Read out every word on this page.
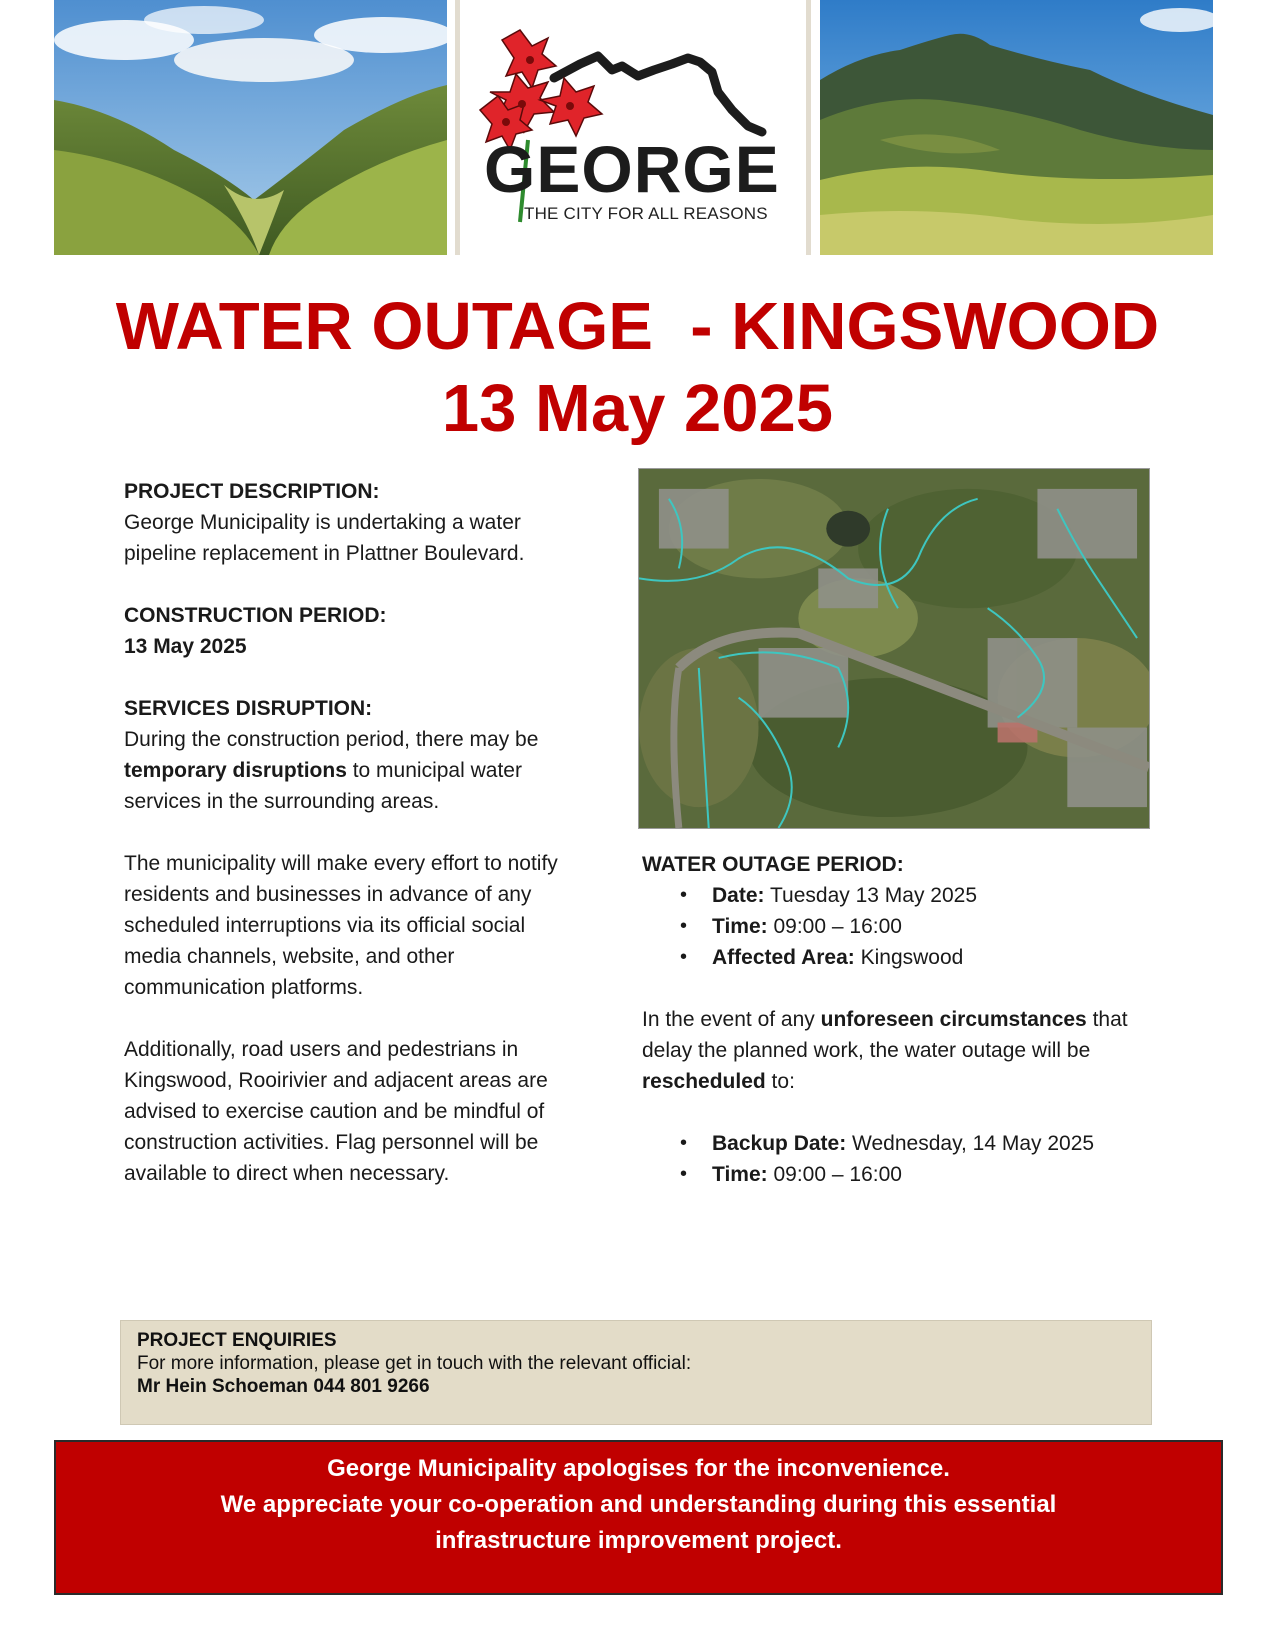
GEORGE
THE CITY FOR ALL REASONS
WATER OUTAGE  - KINGSWOOD
13 May 2025
PROJECT DESCRIPTION:
George Municipality is undertaking a water pipeline replacement in Plattner Boulevard.
CONSTRUCTION PERIOD:
13 May 2025
SERVICES DISRUPTION:
During the construction period, there may be temporary disruptions to municipal water services in the surrounding areas.
The municipality will make every effort to notify residents and businesses in advance of any scheduled interruptions via its official social media channels, website, and other communication platforms.
Additionally, road users and pedestrians in Kingswood, Rooirivier and adjacent areas are advised to exercise caution and be mindful of construction activities. Flag personnel will be available to direct when necessary.
WATER OUTAGE PERIOD:
• Date: Tuesday 13 May 2025
• Time: 09:00 – 16:00
• Affected Area: Kingswood
In the event of any unforeseen circumstances that delay the planned work, the water outage will be rescheduled to:
• Backup Date: Wednesday, 14 May 2025
• Time: 09:00 – 16:00
PROJECT ENQUIRIES
For more information, please get in touch with the relevant official:
Mr Hein Schoeman 044 801 9266
George Municipality apologises for the inconvenience.
We appreciate your co-operation and understanding during this essential
infrastructure improvement project.
